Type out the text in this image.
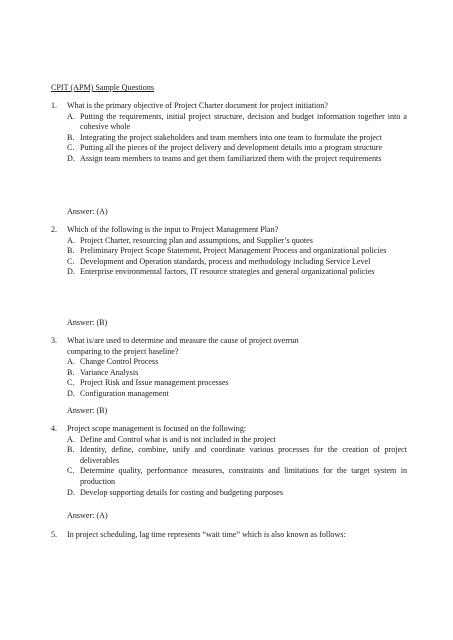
CPIT (APM) Sample Questions
1. What is the primary objective of Project Charter document for project initiation?
A. Putting the requirements, initial project structure, decision and budget information together into a cohesive whole
B. Integrating the project stakeholders and team members into one team to formulate the project
C. Putting all the pieces of the project delivery and development details into a program structure
D. Assign team members to teams and get them familiarized them with the project requirements
Answer: (A)
2. Which of the following is the input to Project Management Plan?
A. Project Charter, resourcing plan and assumptions, and Supplier’s quotes
B. Preliminary Project Scope Statement, Project Management Process and organizational policies
C. Development and Operation standards, process and methodology including Service Level
D. Enterprise environmental factors, IT resource strategies and general organizational policies
Answer: (B)
3. What is/are used to determine and measure the cause of project overrun comparing to the project baseline?
A. Change Control Process
B. Variance Analysis
C. Project Risk and Issue management processes
D. Configuration management
Answer: (B)
4. Project scope management is focused on the following:
A. Define and Control what is and is not included in the project
B. Identity, define, combine, unify and coordinate various processes for the creation of project deliverables
C. Determine quality, performance measures, constraints and limitations for the target system in production
D. Develop supporting details for costing and budgeting purposes
Answer: (A)
5. In project scheduling, lag time represents “wait time” which is also known as follows:
